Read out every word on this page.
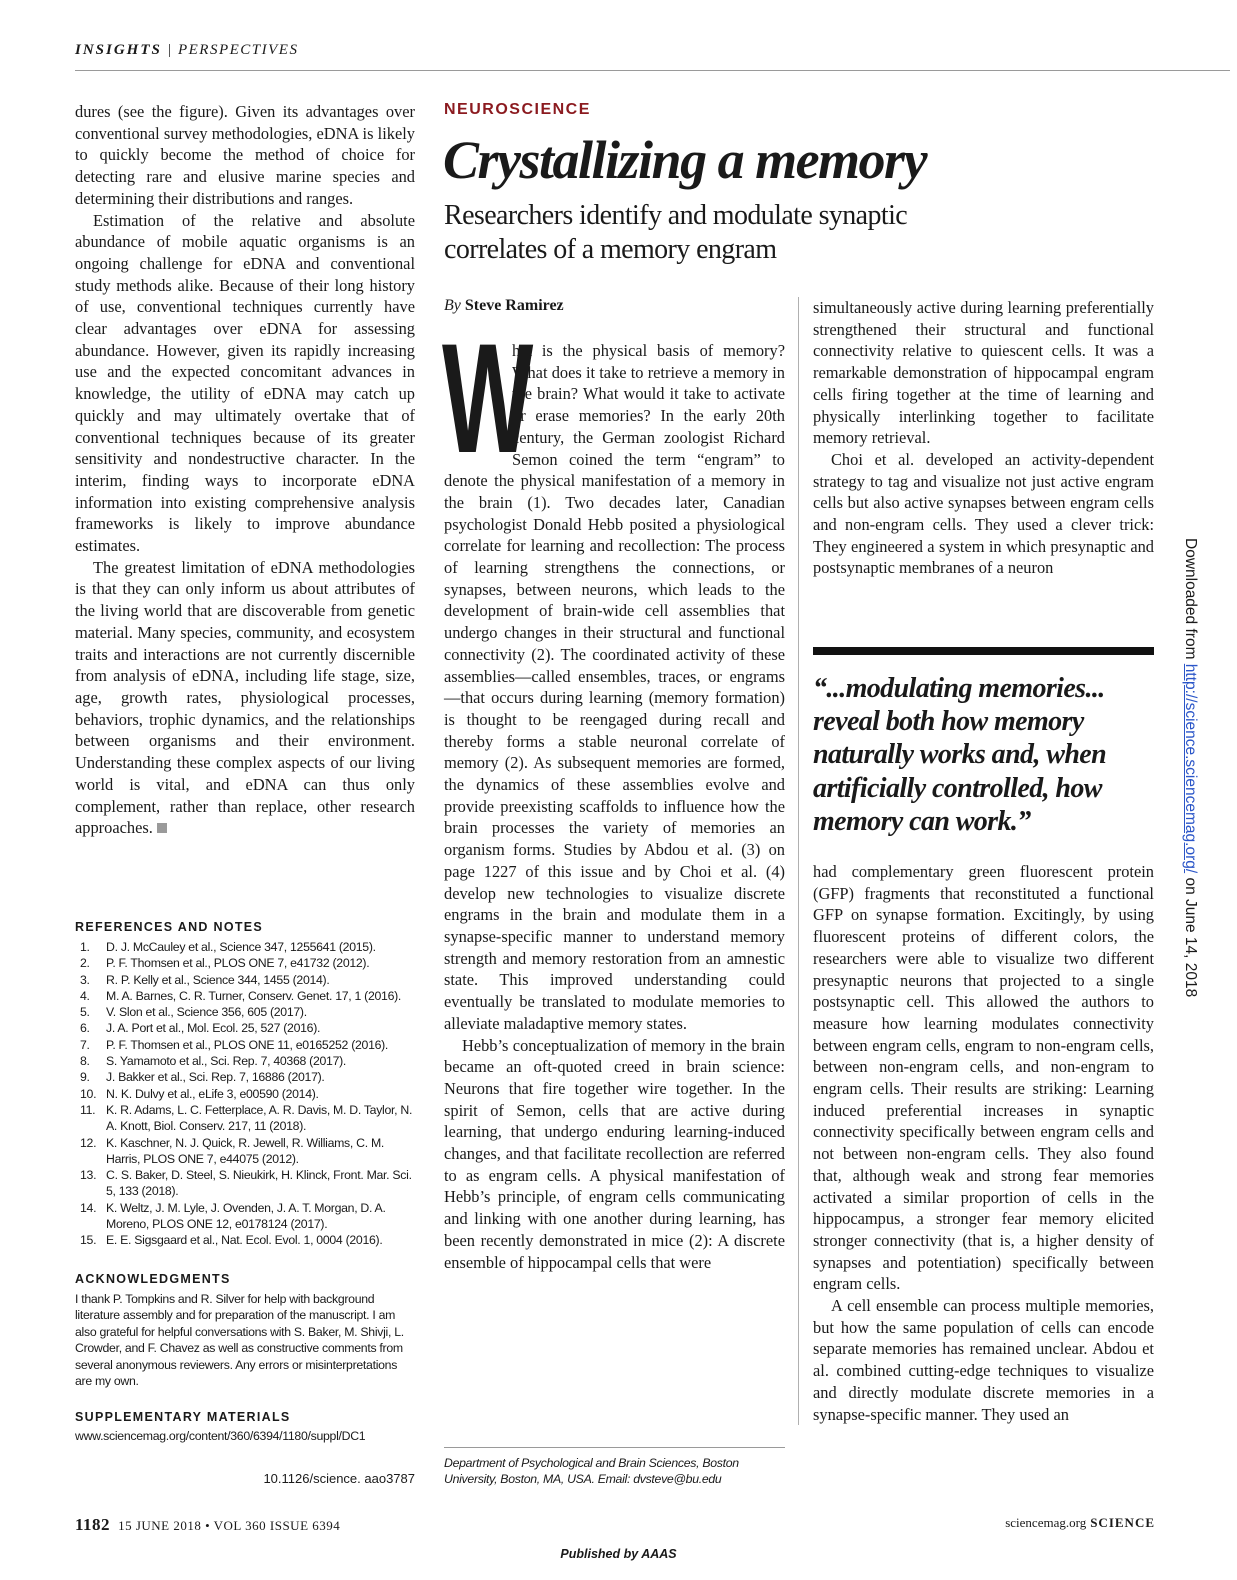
INSIGHTS | PERSPECTIVES

dures (see the figure). Given its advantages over conventional survey methodologies, eDNA is likely to quickly become the method of choice for detecting rare and elusive marine species and determining their distributions and ranges.

Estimation of the relative and absolute abundance of mobile aquatic organisms is an ongoing challenge for eDNA and conventional study methods alike. Because of their long history of use, conventional techniques currently have clear advantages over eDNA for assessing abundance. However, given its rapidly increasing use and the expected concomitant advances in knowledge, the utility of eDNA may catch up quickly and may ultimately overtake that of conventional techniques because of its greater sensitivity and nondestructive character. In the interim, finding ways to incorporate eDNA information into existing comprehensive analysis frameworks is likely to improve abundance estimates.

The greatest limitation of eDNA methodologies is that they can only inform us about attributes of the living world that are discoverable from genetic material. Many species, community, and ecosystem traits and interactions are not currently discernible from analysis of eDNA, including life stage, size, age, growth rates, physiological processes, behaviors, trophic dynamics, and the relationships between organisms and their environment. Understanding these complex aspects of our living world is vital, and eDNA can thus only complement, rather than replace, other research approaches.

REFERENCES AND NOTES
1.	D. J. McCauley et al., Science 347, 1255641 (2015).
2.	P. F. Thomsen et al., PLOS ONE 7, e41732 (2012).
3.	R. P. Kelly et al., Science 344, 1455 (2014).
4.	M. A. Barnes, C. R. Turner, Conserv. Genet. 17, 1 (2016).
5.	V. Slon et al., Science 356, 605 (2017).
6.	J. A. Port et al., Mol. Ecol. 25, 527 (2016).
7.	P. F. Thomsen et al., PLOS ONE 11, e0165252 (2016).
8.	S. Yamamoto et al., Sci. Rep. 7, 40368 (2017).
9.	J. Bakker et al., Sci. Rep. 7, 16886 (2017).
10. N. K. Dulvy et al., eLife 3, e00590 (2014).
11. K. R. Adams, L. C. Fetterplace, A. R. Davis, M. D. Taylor, N. A. Knott, Biol. Conserv. 217, 11 (2018).
12. K. Kaschner, N. J. Quick, R. Jewell, R. Williams, C. M. Harris, PLOS ONE 7, e44075 (2012).
13. C. S. Baker, D. Steel, S. Nieukirk, H. Klinck, Front. Mar. Sci. 5, 133 (2018).
14. K. Weltz, J. M. Lyle, J. Ovenden, J. A. T. Morgan, D. A. Moreno, PLOS ONE 12, e0178124 (2017).
15. E. E. Sigsgaard et al., Nat. Ecol. Evol. 1, 0004 (2016).
ACKNOWLEDGMENTS

I thank P. Tompkins and R. Silver for help with background literature assembly and for preparation of the manuscript. I am also grateful for helpful conversations with S. Baker, M. Shivji, L. Crowder, and F. Chavez as well as constructive comments from several anonymous reviewers. Any errors or misinterpretations are my own.

SUPPLEMENTARY MATERIALS
www.sciencemag.org/content/360/6394/1180/suppl/DC1
10.1126/science. aao3787
NEUROSCIENCE
Crystallizing a memory
Researchers identify and modulate synaptic correlates of a memory engram
By Steve Ramirez

W
hat is the physical basis of memory? What does it take to retrieve a memory in the brain? What would it take to activate or erase memories? In the early 20th century, the German zoologist Richard Semon coined the term “engram” to denote the physical manifestation of a memory in the brain (1). Two decades later, Canadian psychologist Donald Hebb posited a physiological correlate for learning and recollection: The process of learning strengthens the connections, or synapses, between neurons, which leads to the development of brain-wide cell assemblies that undergo changes in their structural and functional connectivity (2). The coordinated activity of these assemblies—called ensembles, traces, or engrams—that occurs during learning (memory formation) is thought to be reengaged during recall and thereby forms a stable neuronal correlate of memory (2). As subsequent memories are formed, the dynamics of these assemblies evolve and provide preexisting scaffolds to influence how the brain processes the variety of memories an organism forms. Studies by Abdou et al. (3) on page 1227 of this issue and by Choi et al. (4) develop new technologies to visualize discrete engrams in the brain and modulate them in a synapse-specific manner to understand memory strength and memory restoration from an amnestic state. This improved understanding could eventually be translated to modulate memories to alleviate maladaptive memory states.

Hebb’s conceptualization of memory in the brain became an oft-quoted creed in brain science: Neurons that fire together wire together. In the spirit of Semon, cells that are active during learning, that undergo enduring learning-induced changes, and that facilitate recollection are referred to as engram cells. A physical manifestation of Hebb’s principle, of engram cells communicating and linking with one another during learning, has been recently demonstrated in mice (2): A discrete ensemble of hippocampal cells that were

simultaneously active during learning preferentially strengthened their structural and functional connectivity relative to quiescent cells. It was a remarkable demonstration of hippocampal engram cells firing together at the time of learning and physically interlinking together to facilitate memory retrieval.

Choi et al. developed an activity-dependent strategy to tag and visualize not just active engram cells but also active synapses between engram cells and non-engram cells. They used a clever trick: They engineered a system in which presynaptic and postsynaptic membranes of a neuron

“...modulating memories... reveal both how memory naturally works and, when artificially controlled, how memory can work.”

had complementary green fluorescent protein (GFP) fragments that reconstituted a functional GFP on synapse formation. Excitingly, by using fluorescent proteins of different colors, the researchers were able to visualize two different presynaptic neurons that projected to a single postsynaptic cell. This allowed the authors to measure how learning modulates connectivity between engram cells, engram to non-engram cells, between non-engram cells, and non-engram to engram cells. Their results are striking: Learning induced preferential increases in synaptic connectivity specifically between engram cells and not between non-engram cells. They also found that, although weak and strong fear memories activated a similar proportion of cells in the hippocampus, a stronger fear memory elicited stronger connectivity (that is, a higher density of synapses and potentiation) specifically between engram cells.

A cell ensemble can process multiple memories, but how the same population of cells can encode separate memories has remained unclear. Abdou et al. combined cutting-edge techniques to visualize and directly modulate discrete memories in a synapse-specific manner. They used an

Department of Psychological and Brain Sciences, Boston University, Boston, MA, USA. Email: dvsteve@bu.edu
1182 15 JUNE 2018 • VOL 360 ISSUE 6394	sciencemag.org SCIENCE
Published by AAAS
Downloaded from http://science.sciencemag.org/ on June 14, 2018
